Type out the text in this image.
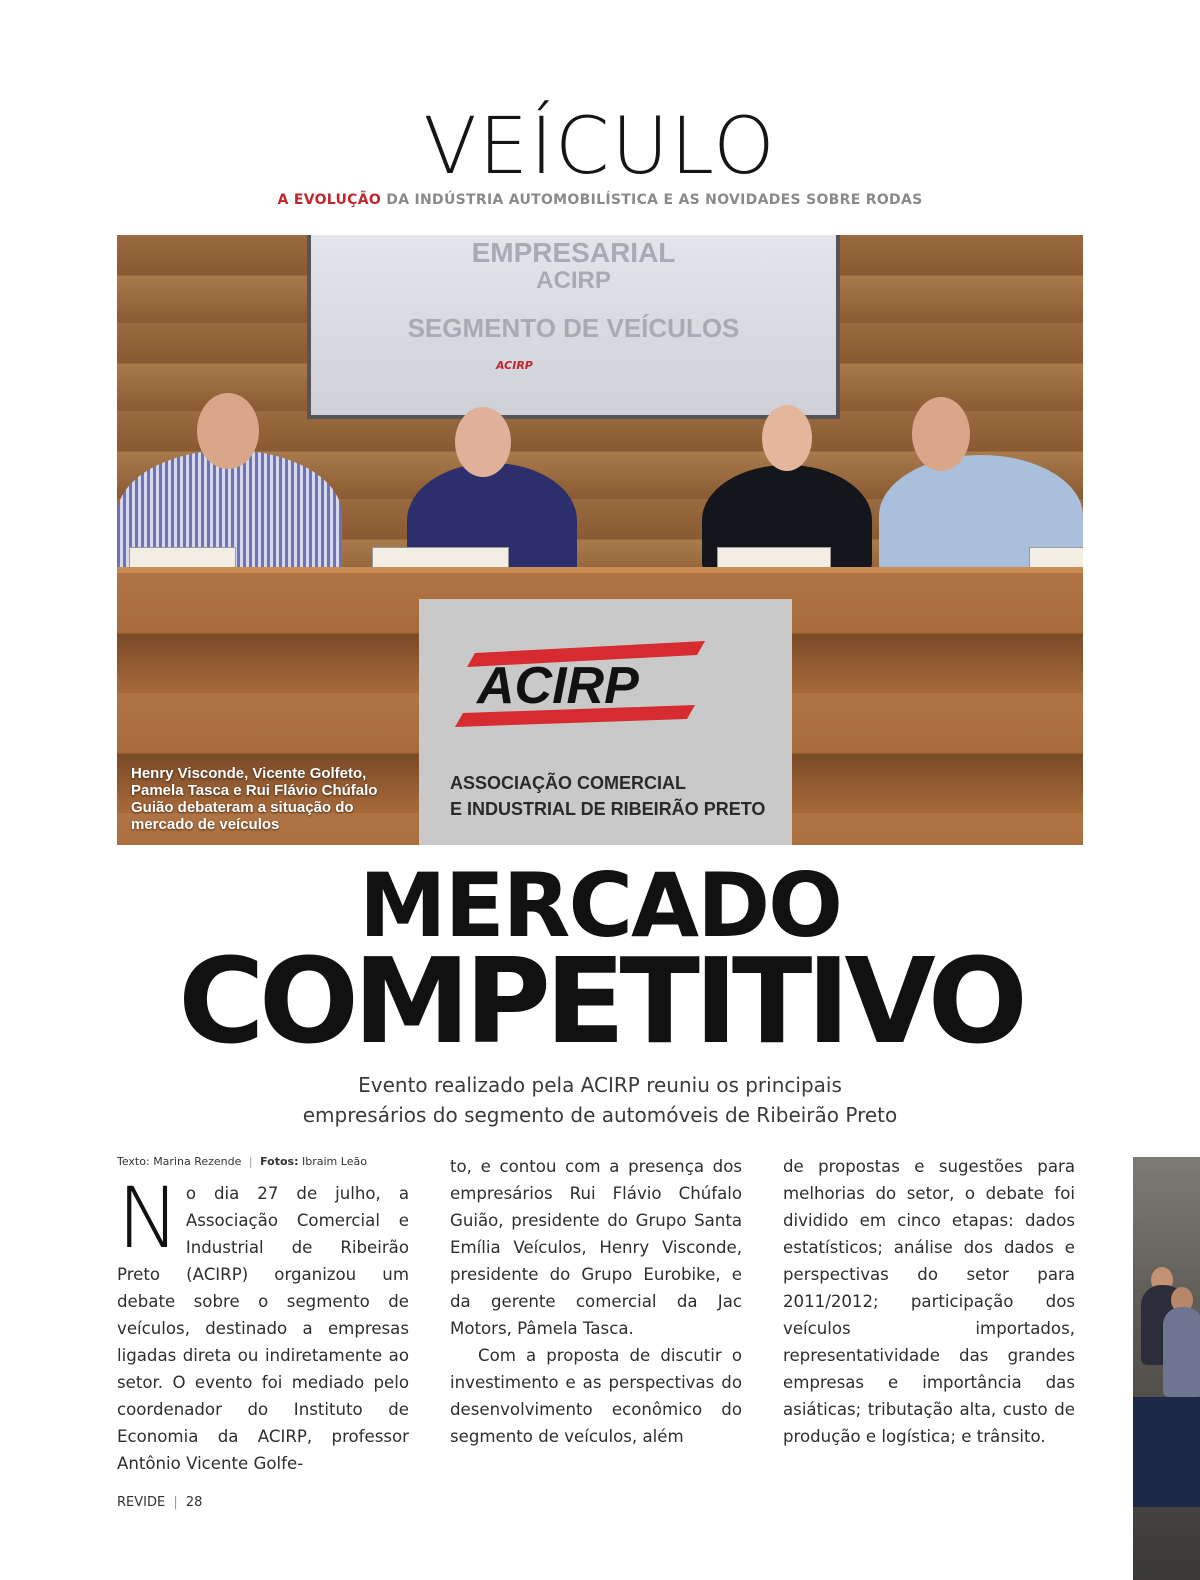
VEÍCULO
A EVOLUÇÃO DA INDÚSTRIA AUTOMOBILÍSTICA E AS NOVIDADES SOBRE RODAS
EMPRESARIAL
ACIRP
SEGMENTO DE VEÍCULOS
ACIRP
ACIRP
ASSOCIAÇÃO COMERCIAL
E INDUSTRIAL DE RIBEIRÃO PRETO
Henry Visconde, Vicente Golfeto, Pamela Tasca e Rui Flávio Chúfalo Guião debateram a situação do mercado de veículos
MERCADO
COMPETITIVO
Evento realizado pela ACIRP reuniu os principais
empresários do segmento de automóveis de Ribeirão Preto
Texto: Marina Rezende | Fotos: Ibraim Leão
N o dia 27 de julho, a Associação Comercial e Industrial de Ribeirão Preto (ACIRP) organizou um debate sobre o segmento de veículos, destinado a empresas ligadas direta ou indiretamente ao setor. O evento foi mediado pelo coordenador do Instituto de Economia da ACIRP, professor Antônio Vicente Golfe-

to, e contou com a presença dos empresários Rui Flávio Chúfalo Guião, presidente do Grupo Santa Emília Veículos, Henry Visconde, presidente do Grupo Eurobike, e da gerente comercial da Jac Motors, Pâmela Tasca.

Com a proposta de discutir o investimento e as perspectivas do desenvolvimento econômico do segmento de veículos, além

de propostas e sugestões para melhorias do setor, o debate foi dividido em cinco etapas: dados estatísticos; análise dos dados e perspectivas do setor para 2011/2012; participação dos veículos importados, representatividade das grandes empresas e importância das asiáticas; tributação alta, custo de produção e logística; e trânsito.

REVIDE | 28
